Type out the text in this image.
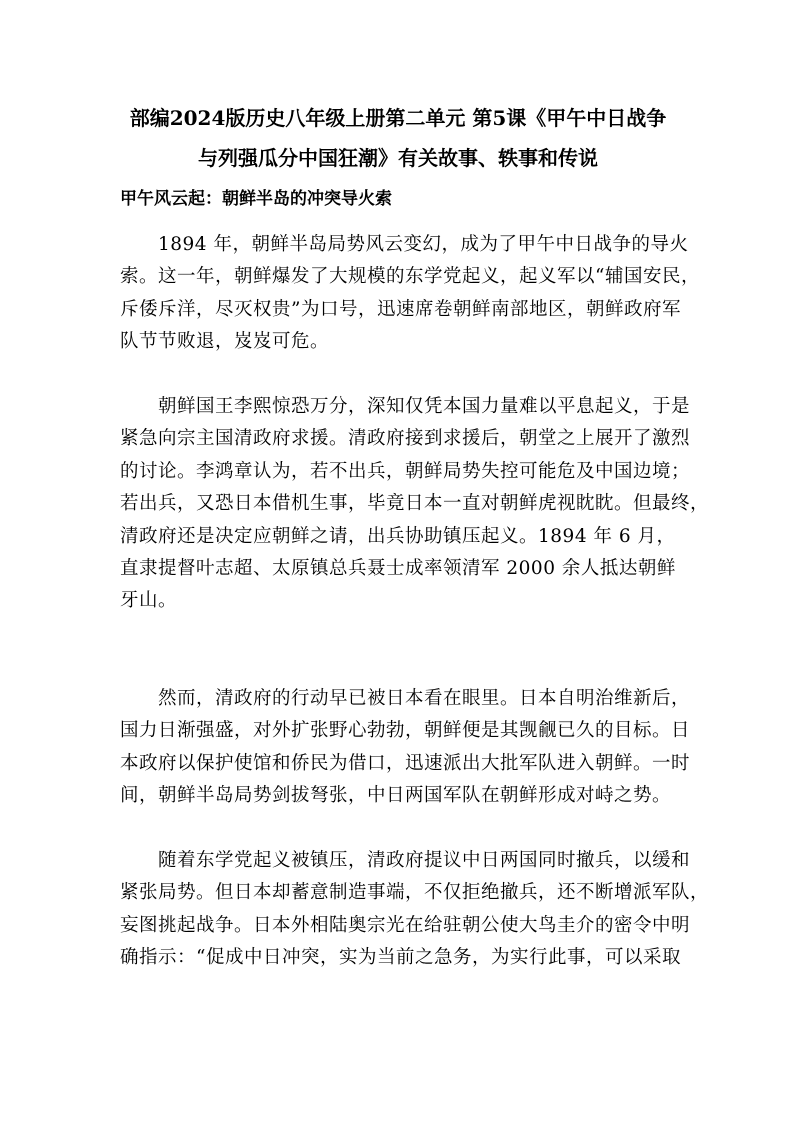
部编2024版历史八年级上册第二单元 第5课《甲午中日战争
与列强瓜分中国狂潮》有关故事、轶事和传说
甲午风云起：朝鲜半岛的冲突导火索

1894 年，朝鲜半岛局势风云变幻，成为了甲午中日战争的导火
索。这一年，朝鲜爆发了大规模的东学党起义，起义军以“辅国安民，
斥倭斥洋，尽灭权贵”为口号，迅速席卷朝鲜南部地区，朝鲜政府军
队节节败退，岌岌可危。

朝鲜国王李熙惊恐万分，深知仅凭本国力量难以平息起义，于是
紧急向宗主国清政府求援。清政府接到求援后，朝堂之上展开了激烈
的讨论。李鸿章认为，若不出兵，朝鲜局势失控可能危及中国边境；
若出兵，又恐日本借机生事，毕竟日本一直对朝鲜虎视眈眈。但最终，
清政府还是决定应朝鲜之请，出兵协助镇压起义。1894 年 6 月，
直隶提督叶志超、太原镇总兵聂士成率领清军 2000 余人抵达朝鲜
牙山。

然而，清政府的行动早已被日本看在眼里。日本自明治维新后，
国力日渐强盛，对外扩张野心勃勃，朝鲜便是其觊觎已久的目标。日
本政府以保护使馆和侨民为借口，迅速派出大批军队进入朝鲜。一时
间，朝鲜半岛局势剑拔弩张，中日两国军队在朝鲜形成对峙之势。

随着东学党起义被镇压，清政府提议中日两国同时撤兵，以缓和
紧张局势。但日本却蓄意制造事端，不仅拒绝撤兵，还不断增派军队，
妄图挑起战争。日本外相陆奥宗光在给驻朝公使大鸟圭介的密令中明
确指示：“促成中日冲突，实为当前之急务，为实行此事，可以采取
